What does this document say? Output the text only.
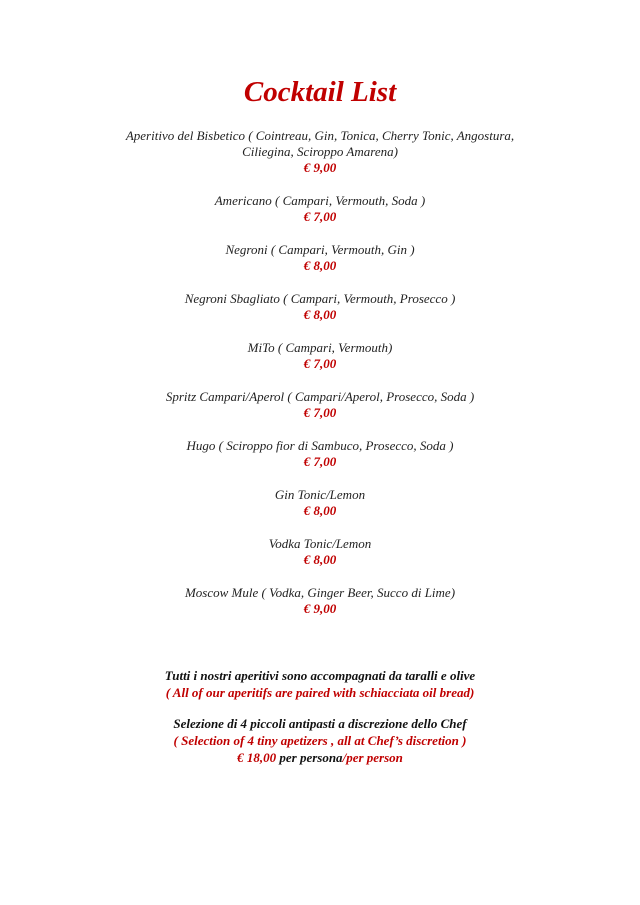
Cocktail List
Aperitivo del Bisbetico ( Cointreau, Gin, Tonica, Cherry Tonic, Angostura,
Ciliegina, Sciroppo Amarena)
€ 9,00
Americano ( Campari, Vermouth, Soda )
€ 7,00
Negroni ( Campari, Vermouth, Gin )
€ 8,00
Negroni Sbagliato ( Campari, Vermouth, Prosecco )
€ 8,00
MiTo ( Campari, Vermouth)
€ 7,00
Spritz Campari/Aperol ( Campari/Aperol, Prosecco, Soda )
€ 7,00
Hugo ( Sciroppo fior di Sambuco, Prosecco, Soda )
€ 7,00
Gin Tonic/Lemon
€ 8,00
Vodka Tonic/Lemon
€ 8,00
Moscow Mule ( Vodka, Ginger Beer, Succo di Lime)
€ 9,00
Tutti i nostri aperitivi sono accompagnati da taralli e olive
( All of our aperitifs are paired with schiacciata oil bread)
Selezione di 4 piccoli antipasti a discrezione dello Chef
( Selection of 4 tiny apetizers , all at Chef’s discretion )
€ 18,00 per persona/per person
